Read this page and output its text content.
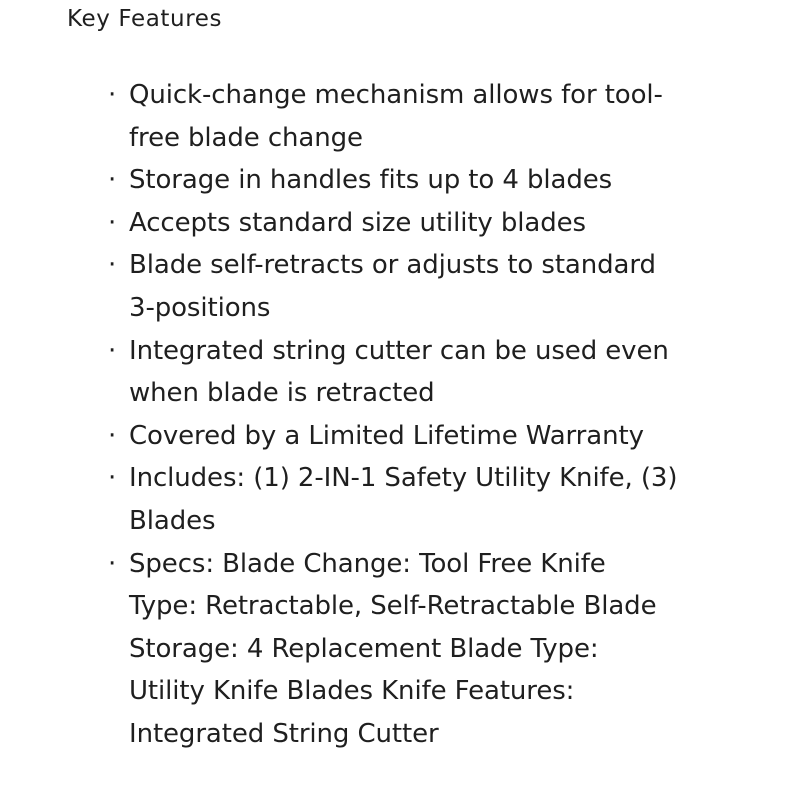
Key Features
· Quick-change mechanism allows for tool-
free blade change
· Storage in handles fits up to 4 blades
· Accepts standard size utility blades
· Blade self-retracts or adjusts to standard
3-positions
· Integrated string cutter can be used even
when blade is retracted
· Covered by a Limited Lifetime Warranty
· Includes: (1) 2-IN-1 Safety Utility Knife, (3)
Blades
· Specs: Blade Change: Tool Free Knife
Type: Retractable, Self-Retractable Blade
Storage: 4 Replacement Blade Type:
Utility Knife Blades Knife Features:
Integrated String Cutter
